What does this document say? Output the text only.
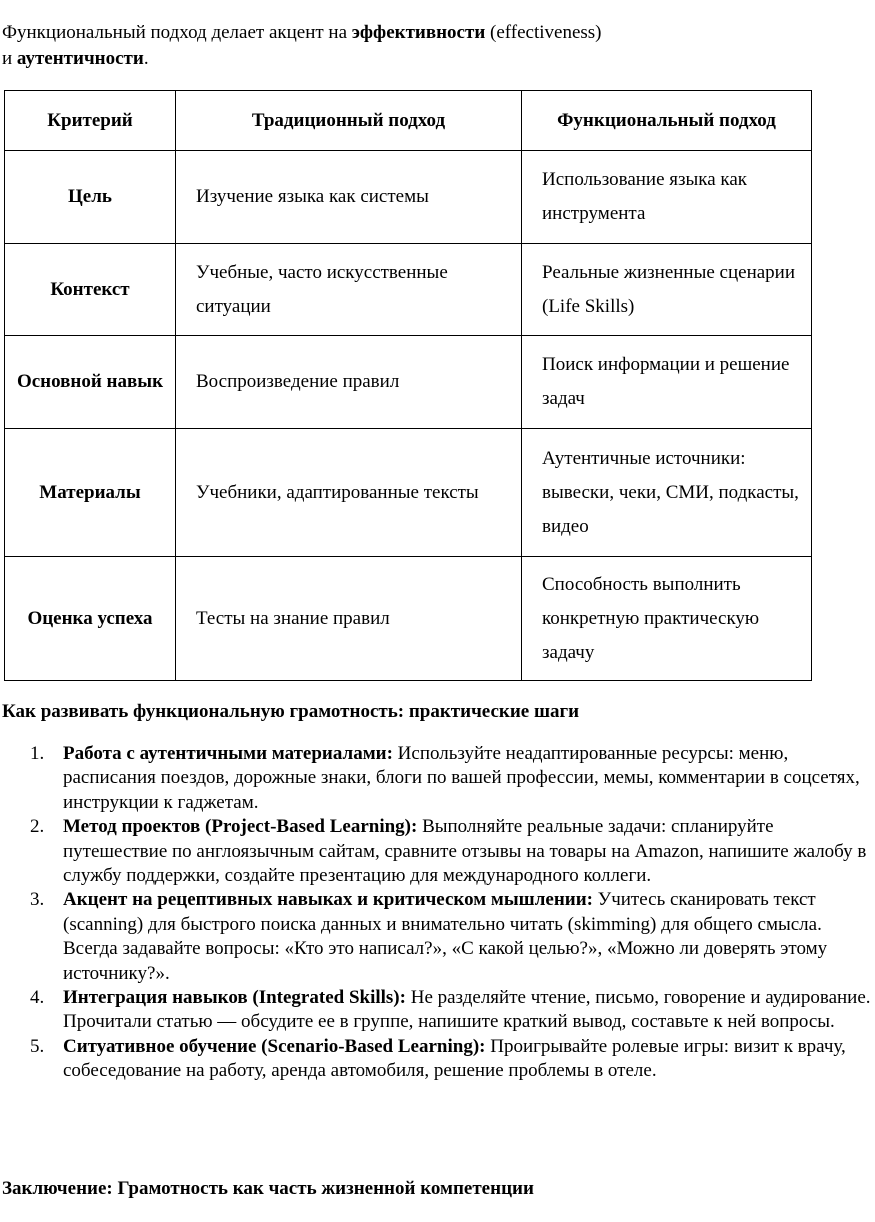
Функциональный подход делает акцент на эффективности (effectiveness)
и аутентичности.
Критерий	Традиционный подход	Функциональный подход
Цель	Изучение языка как системы	Использование языка как инструмента
Контекст	Учебные, часто искусственные ситуации	Реальные жизненные сценарии (Life Skills)
Основной навык	Воспроизведение правил	Поиск информации и решение задач
Материалы	Учебники, адаптированные тексты	Аутентичные источники: вывески, чеки, СМИ, подкасты, видео
Оценка успеха	Тесты на знание правил	Способность выполнить конкретную практическую задачу
Как развивать функциональную грамотность: практические шаги
1. Работа с аутентичными материалами: Используйте неадаптированные ресурсы: меню, расписания поездов, дорожные знаки, блоги по вашей профессии, мемы, комментарии в соцсетях, инструкции к гаджетам.
2. Метод проектов (Project-Based Learning): Выполняйте реальные задачи: спланируйте путешествие по англоязычным сайтам, сравните отзывы на товары на Amazon, напишите жалобу в службу поддержки, создайте презентацию для международного коллеги.
3. Акцент на рецептивных навыках и критическом мышлении: Учитесь сканировать текст (scanning) для быстрого поиска данных и внимательно читать (skimming) для общего смысла. Всегда задавайте вопросы: «Кто это написал?», «С какой целью?», «Можно ли доверять этому источнику?».
4. Интеграция навыков (Integrated Skills): Не разделяйте чтение, письмо, говорение и аудирование. Прочитали статью — обсудите ее в группе, напишите краткий вывод, составьте к ней вопросы.
5. Ситуативное обучение (Scenario-Based Learning): Проигрывайте ролевые игры: визит к врачу, собеседование на работу, аренда автомобиля, решение проблемы в отеле.
Заключение: Грамотность как часть жизненной компетенции
